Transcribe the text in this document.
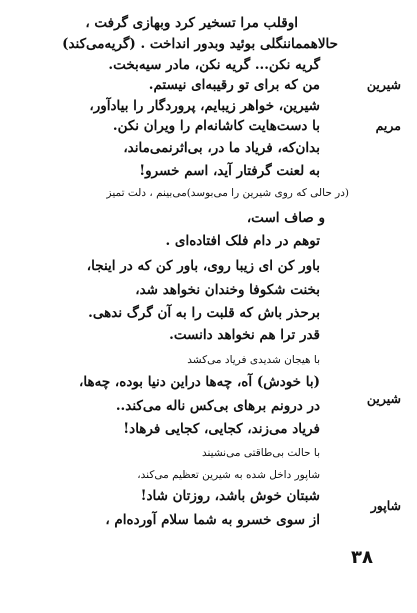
شیرین
مریم
شیرین
شاپور
اوقلب مرا تسخیر کرد وبهازی گرفت ،
حالاهمماننگلی بوئید وبدور انداخت . (گریه‌می‌کند)
گریه نکن... گریه نکن، مادر سیه‌بخت.
من که برای تو رقیبه‌ای نیستم.
شیرین، خواهر زیبایم، پروردگار را بیادآور،
با دست‌هایت کاشانه‌ام را ویران نکن.
بدان‌که، فریاد ما در، بی‌اثرنمی‌ماند،
به لعنت گرفتار آید، اسم خسرو!
(در حالی که روی شیرین را می‌بوسد)می‌بینم ، دلت تمیز
و صاف است،
توهم در دام فلک افتاده‌ای .
باور کن ای زیبا روی، باور کن که در اینجا،
بخنت شکوفا وخندان نخواهد شد،
برحذر باش که قلبت را به آن گرگ ندهی.
قدر ترا هم نخواهد دانست.
با هیجان شدیدی فریاد می‌کشد
(با خودش) آه، چه‌ها دراین دنیا بوده، چه‌ها،
در درونم برهای بی‌کس ناله می‌کند..
فریاد می‌زند، کجایی، کجایی فرهاد!
با حالت بی‌طاقتی می‌نشیند
شاپور داخل شده به شیرین تعظیم می‌کند،
شبتان خوش باشد، روزتان شاد!
از سوی خسرو به شما سلام آورده‌ام ،
۳۸
